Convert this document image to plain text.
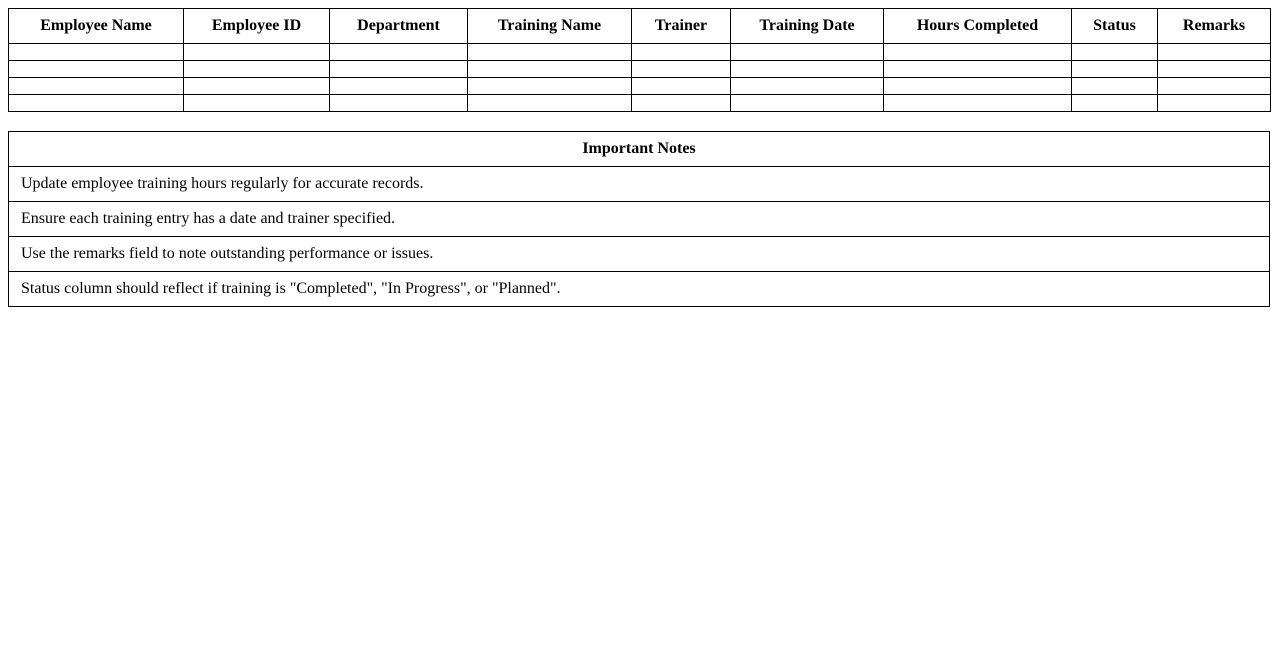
Employee Name	Employee ID	Department	Training Name	Trainer	Training Date	Hours Completed	Status	Remarks

Important Notes
Update employee training hours regularly for accurate records.
Ensure each training entry has a date and trainer specified.
Use the remarks field to note outstanding performance or issues.
Status column should reflect if training is "Completed", "In Progress", or "Planned".
